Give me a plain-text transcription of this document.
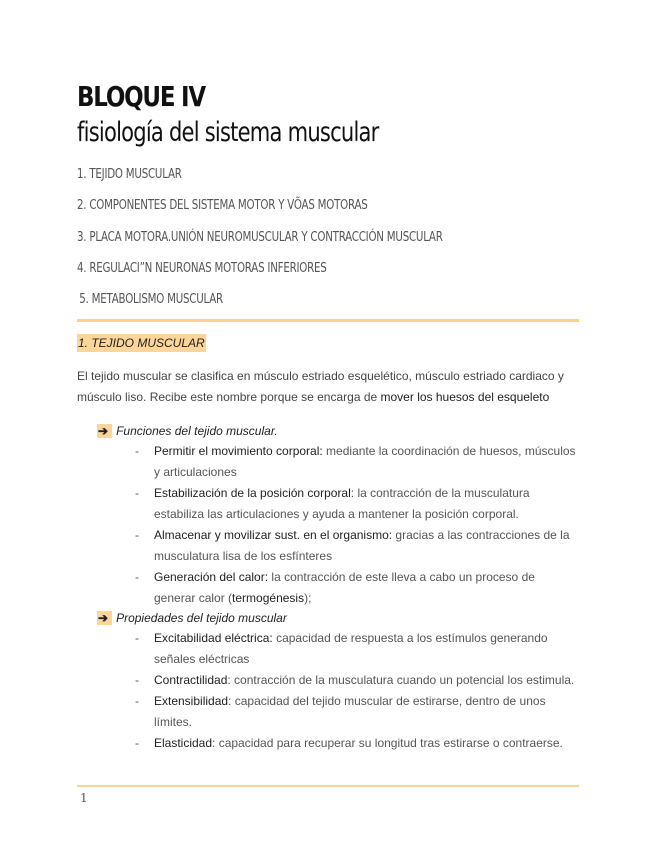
BLOQUE IV
fisiología del sistema muscular
1. TEJIDO MUSCULAR
2. COMPONENTES DEL SISTEMA MOTOR Y VÕAS MOTORAS
3. PLACA MOTORA.UNIÓN NEUROMUSCULAR Y CONTRACCIÓN MUSCULAR
4. REGULACI”N NEURONAS MOTORAS INFERIORES
5. METABOLISMO MUSCULAR
1. TEJIDO MUSCULAR

El tejido muscular se clasifica en músculo estriado esquelético, músculo estriado cardiaco y músculo liso. Recibe este nombre porque se encarga de mover los huesos del esqueleto

➔ Funciones del tejido muscular.
- Permitir el movimiento corporal: mediante la coordinación de huesos, músculos y articulaciones
- Estabilización de la posición corporal: la contracción de la musculatura estabiliza las articulaciones y ayuda a mantener la posición corporal.
- Almacenar y movilizar sust. en el organismo: gracias a las contracciones de la musculatura lisa de los esfínteres
- Generación del calor: la contracción de este lleva a cabo un proceso de generar calor (termogénesis);
➔ Propiedades del tejido muscular
- Excitabilidad eléctrica: capacidad de respuesta a los estímulos generando señales eléctricas
- Contractilidad: contracción de la musculatura cuando un potencial los estimula.
- Extensibilidad: capacidad del tejido muscular de estirarse, dentro de unos límites.
- Elasticidad: capacidad para recuperar su longitud tras estirarse o contraerse.
1
